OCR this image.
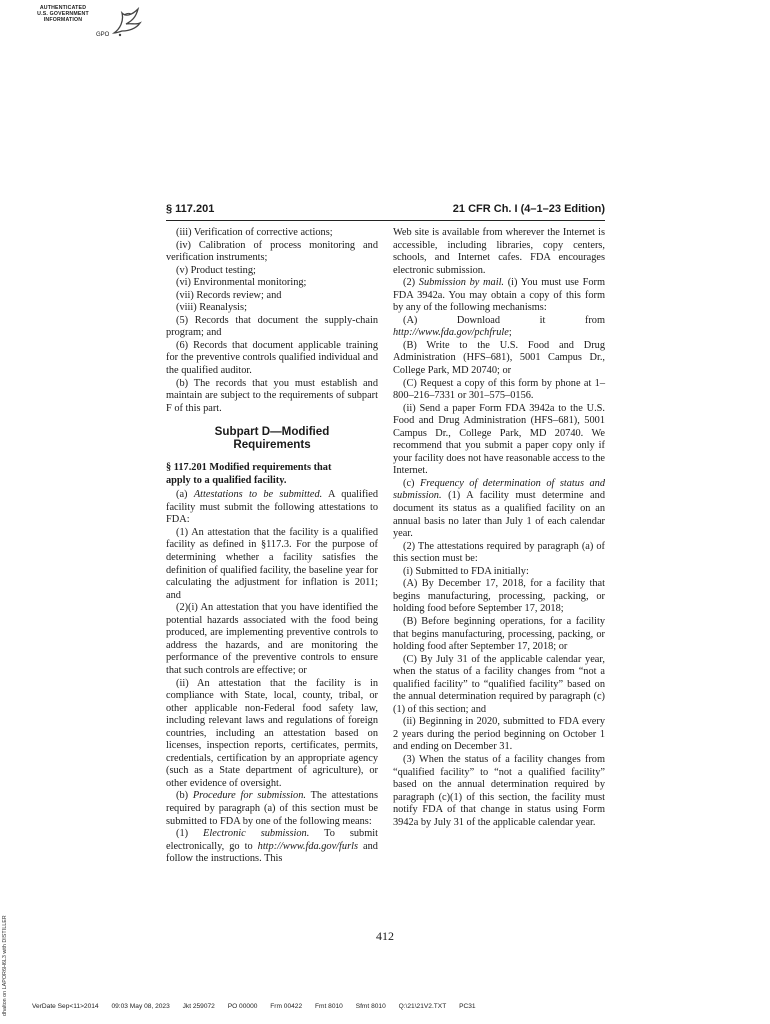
AUTHENTICATED
U.S. GOVERNMENT
INFORMATION
GPO
§ 117.201	21 CFR Ch. I (4–1–23 Edition)

(iii) Verification of corrective actions;

(iv) Calibration of process monitoring and verification instruments;

(v) Product testing;

(vi) Environmental monitoring;

(vii) Records review; and

(viii) Reanalysis;

(5) Records that document the supply-chain program; and

(6) Records that document applicable training for the preventive controls qualified individual and the qualified auditor.

(b) The records that you must establish and maintain are subject to the requirements of subpart F of this part.

Subpart D—Modified
Requirements
§ 117.201 Modified requirements that
apply to a qualified facility.

(a) Attestations to be submitted. A qualified facility must submit the following attestations to FDA:

(1) An attestation that the facility is a qualified facility as defined in §117.3. For the purpose of determining whether a facility satisfies the definition of qualified facility, the baseline year for calculating the adjustment for inflation is 2011; and

(2)(i) An attestation that you have identified the potential hazards associated with the food being produced, are implementing preventive controls to address the hazards, and are monitoring the performance of the preventive controls to ensure that such controls are effective; or

(ii) An attestation that the facility is in compliance with State, local, county, tribal, or other applicable non-Federal food safety law, including relevant laws and regulations of foreign countries, including an attestation based on licenses, inspection reports, certificates, permits, credentials, certification by an appropriate agency (such as a State department of agriculture), or other evidence of oversight.

(b) Procedure for submission. The attestations required by paragraph (a) of this section must be submitted to FDA by one of the following means:

(1) Electronic submission. To submit electronically, go to http://www.fda.gov/furls and follow the instructions. This

Web site is available from wherever the Internet is accessible, including libraries, copy centers, schools, and Internet cafes. FDA encourages electronic submission.

(2) Submission by mail. (i) You must use Form FDA 3942a. You may obtain a copy of this form by any of the following mechanisms:

(A) Download it from http://www.fda.gov/pchfrule;

(B) Write to the U.S. Food and Drug Administration (HFS–681), 5001 Campus Dr., College Park, MD 20740; or

(C) Request a copy of this form by phone at 1–800–216–7331 or 301–575–0156.

(ii) Send a paper Form FDA 3942a to the U.S. Food and Drug Administration (HFS–681), 5001 Campus Dr., College Park, MD 20740. We recommend that you submit a paper copy only if your facility does not have reasonable access to the Internet.

(c) Frequency of determination of status and submission. (1) A facility must determine and document its status as a qualified facility on an annual basis no later than July 1 of each calendar year.

(2) The attestations required by paragraph (a) of this section must be:

(i) Submitted to FDA initially:

(A) By December 17, 2018, for a facility that begins manufacturing, processing, packing, or holding food before September 17, 2018;

(B) Before beginning operations, for a facility that begins manufacturing, processing, packing, or holding food after September 17, 2018; or

(C) By July 31 of the applicable calendar year, when the status of a facility changes from “not a qualified facility” to “qualified facility” based on the annual determination required by paragraph (c)(1) of this section; and

(ii) Beginning in 2020, submitted to FDA every 2 years during the period beginning on October 1 and ending on December 31.

(3) When the status of a facility changes from “qualified facility” to “not a qualified facility” based on the annual determination required by paragraph (c)(1) of this section, the facility must notify FDA of that change in status using Form 3942a by July 31 of the applicable calendar year.

412
dhalton on LAPOR6H6L3 with DISTILLER	VerDate Sep<11>2014 09:03 May 08, 2023 Jkt 259072 PO 00000 Frm 00422 Fmt 8010 Sfmt 8010 Q:\21\21V2.TXT PC31
